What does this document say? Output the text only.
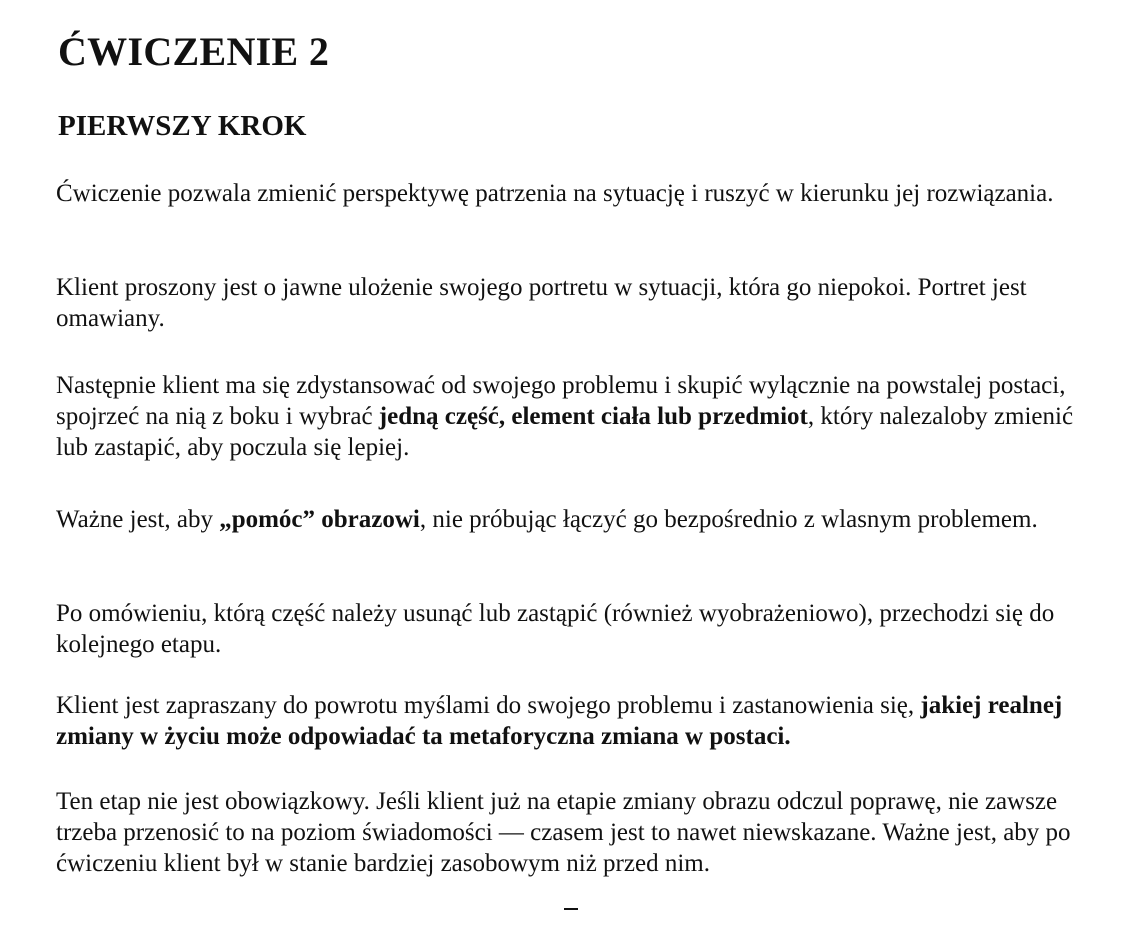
ĆWICZENIE 2
PIERWSZY KROK

Ćwiczenie pozwala zmienić perspektywę patrzenia na sytuację i ruszyć w kierunku jej rozwiązania.

Klient proszony jest o jawne ulożenie swojego portretu w sytuacji, która go niepokoi. Portret jest omawiany.

Następnie klient ma się zdystansować od swojego problemu i skupić wylącznie na powstalej postaci, spojrzeć na nią z boku i wybrać jedną część, element ciała lub przedmiot, który nalezaloby zmienić lub zastapić, aby poczula się lepiej.

Ważne jest, aby „pomóc” obrazowi, nie próbując łączyć go bezpośrednio z wlasnym problemem.

Po omówieniu, którą część należy usunąć lub zastąpić (również wyobrażeniowo), przechodzi się do kolejnego etapu.

Klient jest zapraszany do powrotu myślami do swojego problemu i zastanowienia się, jakiej realnej zmiany w życiu może odpowiadać ta metaforyczna zmiana w postaci.

Ten etap nie jest obowiązkowy. Jeśli klient już na etapie zmiany obrazu odczul poprawę, nie zawsze trzeba przenosić to na poziom świadomości — czasem jest to nawet niewskazane. Ważne jest, aby po ćwiczeniu klient był w stanie bardziej zasobowym niż przed nim.
